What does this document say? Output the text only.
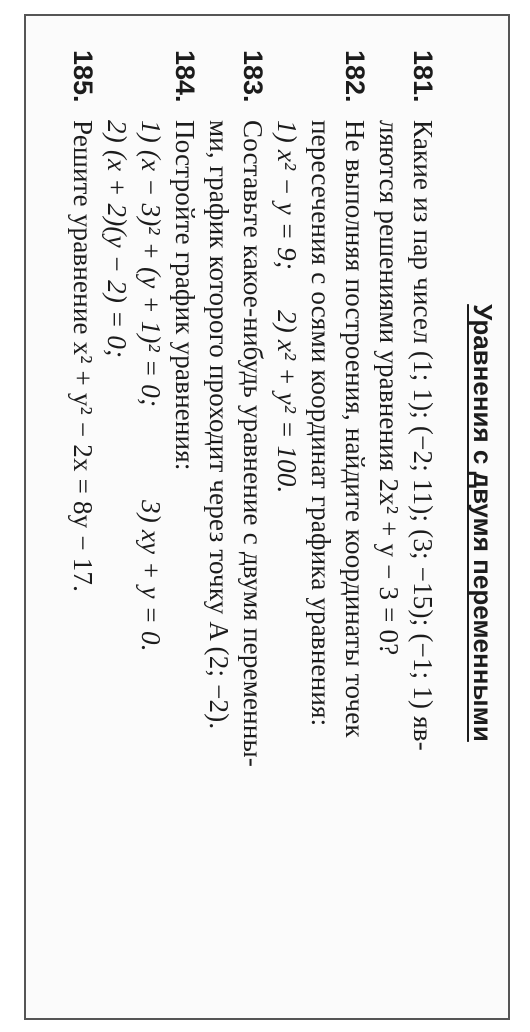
Уравнения с двумя переменными
181.
Какие из пар чисел (1; 1); (−2; 11); (3; −15); (−1; 1) яв-
ляются решениями уравнения 2x² + y − 3 = 0?
182.
Не выполняя построения, найдите координаты точек
пересечения с осями координат графика уравнения:
1) x² − y = 9;
2) x² + y² = 100.
183.
Составьте какое-нибудь уравнение с двумя переменны-
ми, график которого проходит через точку A (2; −2).
184.
Постройте график уравнения:
1) (x − 3)² + (y + 1)² = 0;
3) xy + y = 0.
2) (x + 2)(y − 2) = 0;
185.
Решите уравнение x² + y² − 2x = 8y − 17.
